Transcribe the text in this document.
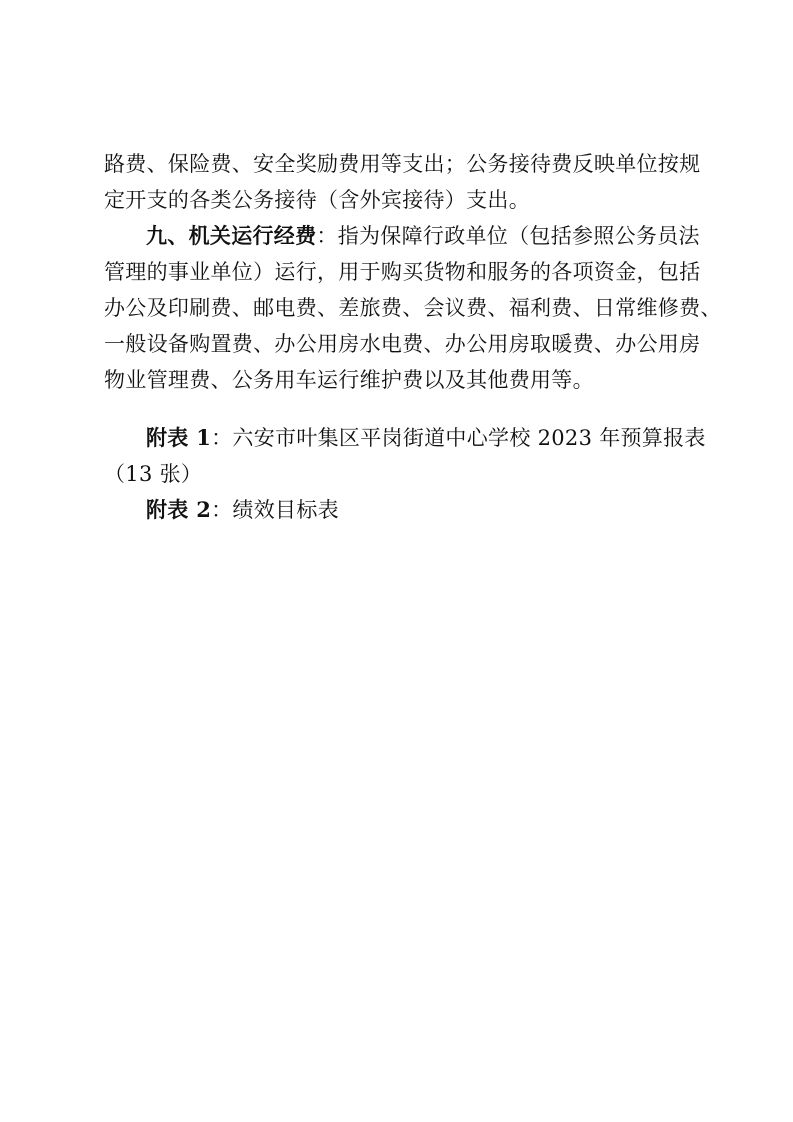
路费、保险费、安全奖励费用等支出；公务接待费反映单位按规
定开支的各类公务接待（含外宾接待）支出。
九、机关运行经费：指为保障行政单位（包括参照公务员法
管理的事业单位）运行，用于购买货物和服务的各项资金，包括
办公及印刷费、邮电费、差旅费、会议费、福利费、日常维修费、
一般设备购置费、办公用房水电费、办公用房取暖费、办公用房
物业管理费、公务用车运行维护费以及其他费用等。
附表 1：六安市叶集区平岗街道中心学校 2023 年预算报表
（13 张）
附表 2：绩效目标表
